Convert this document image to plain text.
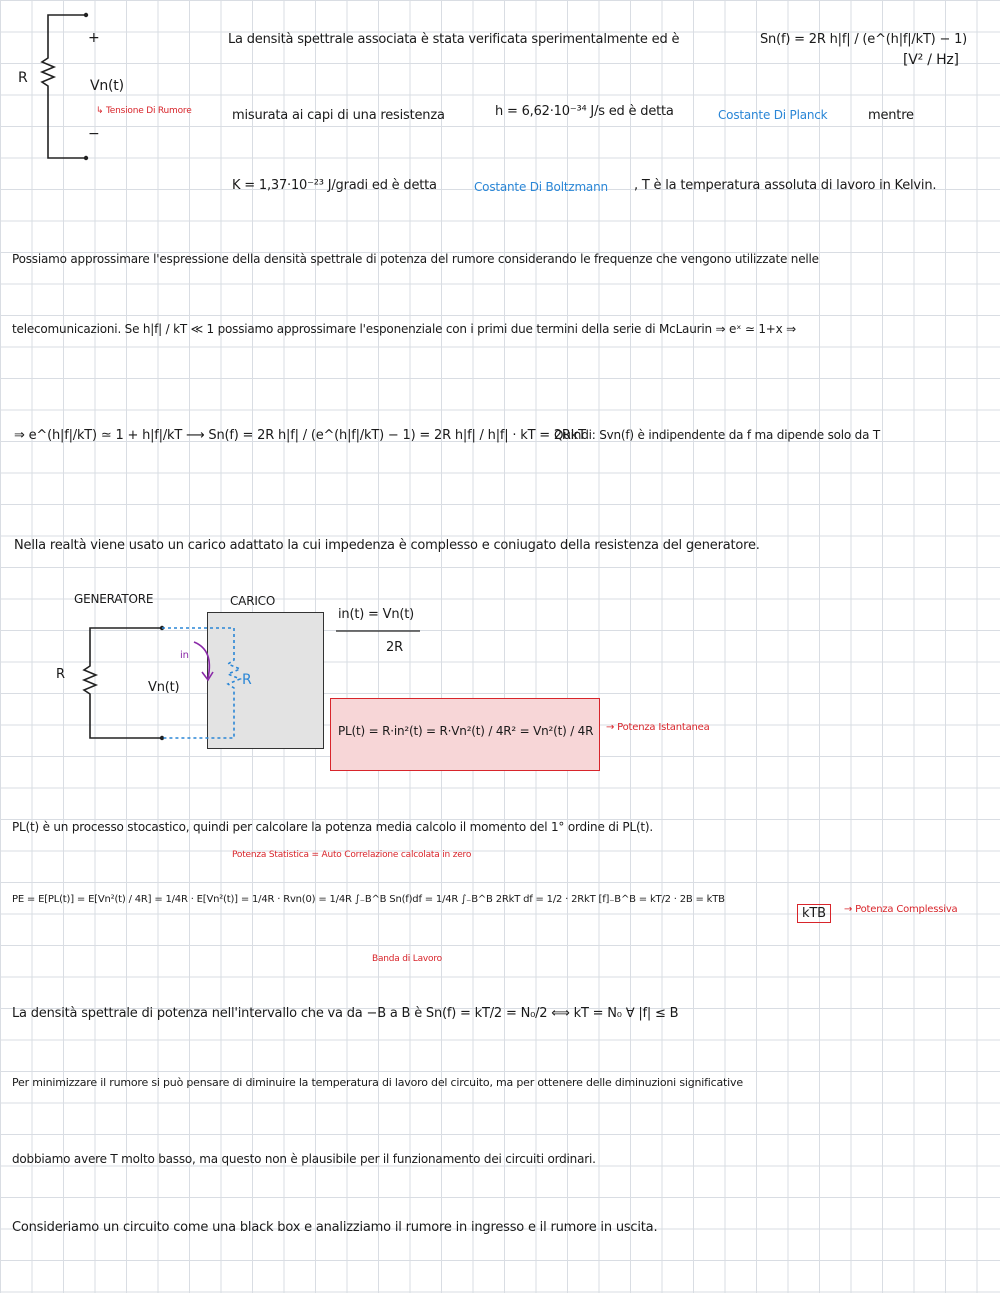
R
+
−
Vn(t)
↳ Tensione Di Rumore
La densità spettrale associata è stata verificata sperimentalmente ed è	Sn(f) = 2R h|f| / (e^(h|f|/kT) − 1)
[V² / Hz]
misurata ai capi di una resistenza	h = 6,62·10⁻³⁴ J/s ed è detta	Costante Di Planck	mentre
K = 1,37·10⁻²³ J/gradi ed è detta	Costante Di Boltzmann , T è la temperatura assoluta di lavoro in Kelvin.
Possiamo approssimare l'espressione della densità spettrale di potenza del rumore considerando le frequenze che vengono utilizzate nelle
telecomunicazioni. Se h|f| / kT ≪ 1 possiamo approssimare l'esponenziale con i primi due termini della serie di McLaurin ⇒ eˣ ≃ 1+x ⇒
⇒ e^(h|f|/kT) ≃ 1 + h|f|/kT ⟶ Sn(f) = 2R h|f| / (e^(h|f|/kT) − 1) = 2R h|f| / h|f| · kT = 2RkT
Quindi: Svn(f) è indipendente da f ma dipende solo da T
Nella realtà viene usato un carico adattato la cui impedenza è complesso e coniugato della resistenza del generatore.
GENERATORE	CARICO
R	R
Vn(t)
in
in(t) = Vn(t)
2R
PL(t) = R·in²(t) = R·Vn²(t) / 4R² = Vn²(t) / 4R → Potenza Istantanea
PL(t) è un processo stocastico, quindi per calcolare la potenza media calcolo il momento del 1° ordine di PL(t).
Potenza Statistica = Auto Correlazione calcolata in zero
PE = E[PL(t)] = E[Vn²(t) / 4R] = 1/4R · E[Vn²(t)] = 1/4R · Rvn(0) = 1/4R ∫₋B^B Sn(f)df = 1/4R ∫₋B^B 2RkT df = 1/2 · 2RkT [f]₋B^B = kT/2 · 2B = kTB
Banda di Lavoro
kTB	→ Potenza Complessiva
La densità spettrale di potenza nell'intervallo che va da −B a B è Sn(f) = kT/2 = N₀/2 ⟺ kT = N₀ ∀ |f| ≤ B
Per minimizzare il rumore si può pensare di diminuire la temperatura di lavoro del circuito, ma per ottenere delle diminuzioni significative
dobbiamo avere T molto basso, ma questo non è plausibile per il funzionamento dei circuiti ordinari.
Consideriamo un circuito come una black box e analizziamo il rumore in ingresso e il rumore in uscita.
